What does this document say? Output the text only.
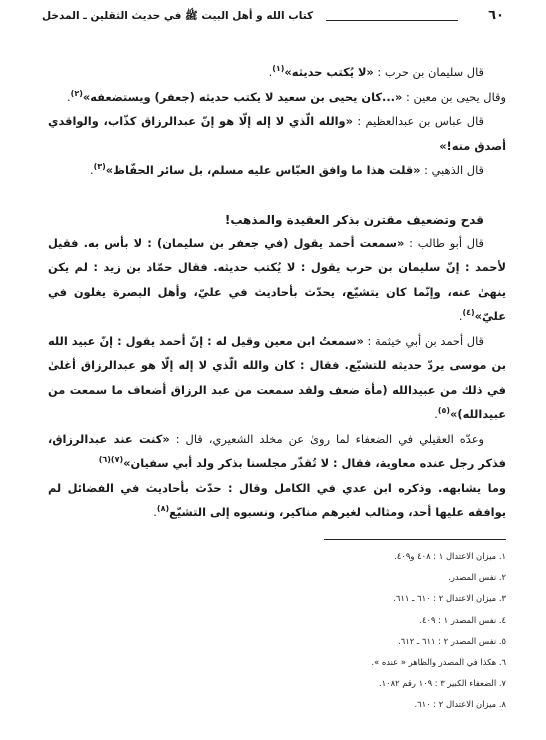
٦٠
كتاب الله و أهل البيت ﷺ في حديث الثقلين ـ المدخل

قال سليمان بن حرب : «لا يُكتب حديثه»$^{(١)}$.

وقال يحيى بن معين : «...كان يحيى بن سعيد لا يكتب حديثه (جعفر) ويستضعفه»$^{(٢)}$.

قال عباس بن عبدالعظيم : «والله الّذي لا إله إلّا هو إنّ عبدالرزاق كذّاب، والواقدي أصدق منه!»

قال الذهبي : «قلت هذا ما وافق العبّاس عليه مسلم، بل سائر الحفّاظ»$^{(٣)}$.

قدح وتضعيف مقترن بذكر العقيدة والمذهب!

قال أبو طالب : «سمعت أحمد يقول (في جعفر بن سليمان) : لا بأس به. فقيل لأحمد : إنّ سليمان بن حرب يقول : لا يُكتب حديثه. فقال حمّاد بن زيد : لم يكن ينهىٰ عنه، وإنّما كان يتشيّع، يحدّث بأحاديث في عليّ، وأهل البصرة يغلون في عليّ»$^{(٤)}$.

قال أحمد بن أبي خيثمة : «سمعتُ ابن معين وقيل له : إنّ أحمد يقول : إنّ عبيد الله بن موسى يردّ حديثه للتشيّع. فقال : كان والله الّذي لا إله إلّا هو عبدالرزاق أغلىٰ في ذلك من عبيدالله (مأة ضعف ولقد سمعت من عبد الرزاق أضعاف ما سمعت من عبيدالله)»$^{(٥)}$.

وعدّه العقيلي في الضعفاء لما روىٰ عن مخلد الشعيري، قال : «كنت عند عبدالرزاق، فذكر رجل عنده معاوية، فقال : لا تُقذّر مجلسنا بذكر ولد أبي سفيان»$^{(٧)(٦)}$

وما يشابهه. وذكره ابن عدي في الكامل وقال : حدّث بأحاديث في الفضائل لم يوافقه عليها أحد، ومثالب لغيرهم مناكير، ونسبوه إلى التشيّع$^{(٨)}$.

١. ميزان الاعتدال ١ : ٤٠٨ و٤٠٩.

٢. نفس المصدر.

٣. ميزان الاعتدال ٢ : ٦١٠ ـ ٦١١.

٤. نفس المصدر ١ : ٤٠٩.

٥. نفس المصدر ٢ : ٦١١ ـ ٦١٢.

٦. هكذا في المصدر والظاهر « عنده ».

٧. الضعفاء الكبير ٣ : ١٠٩ رقم ١٠٨٢.

٨. ميزان الاعتدال ٢ : ٦١٠.
